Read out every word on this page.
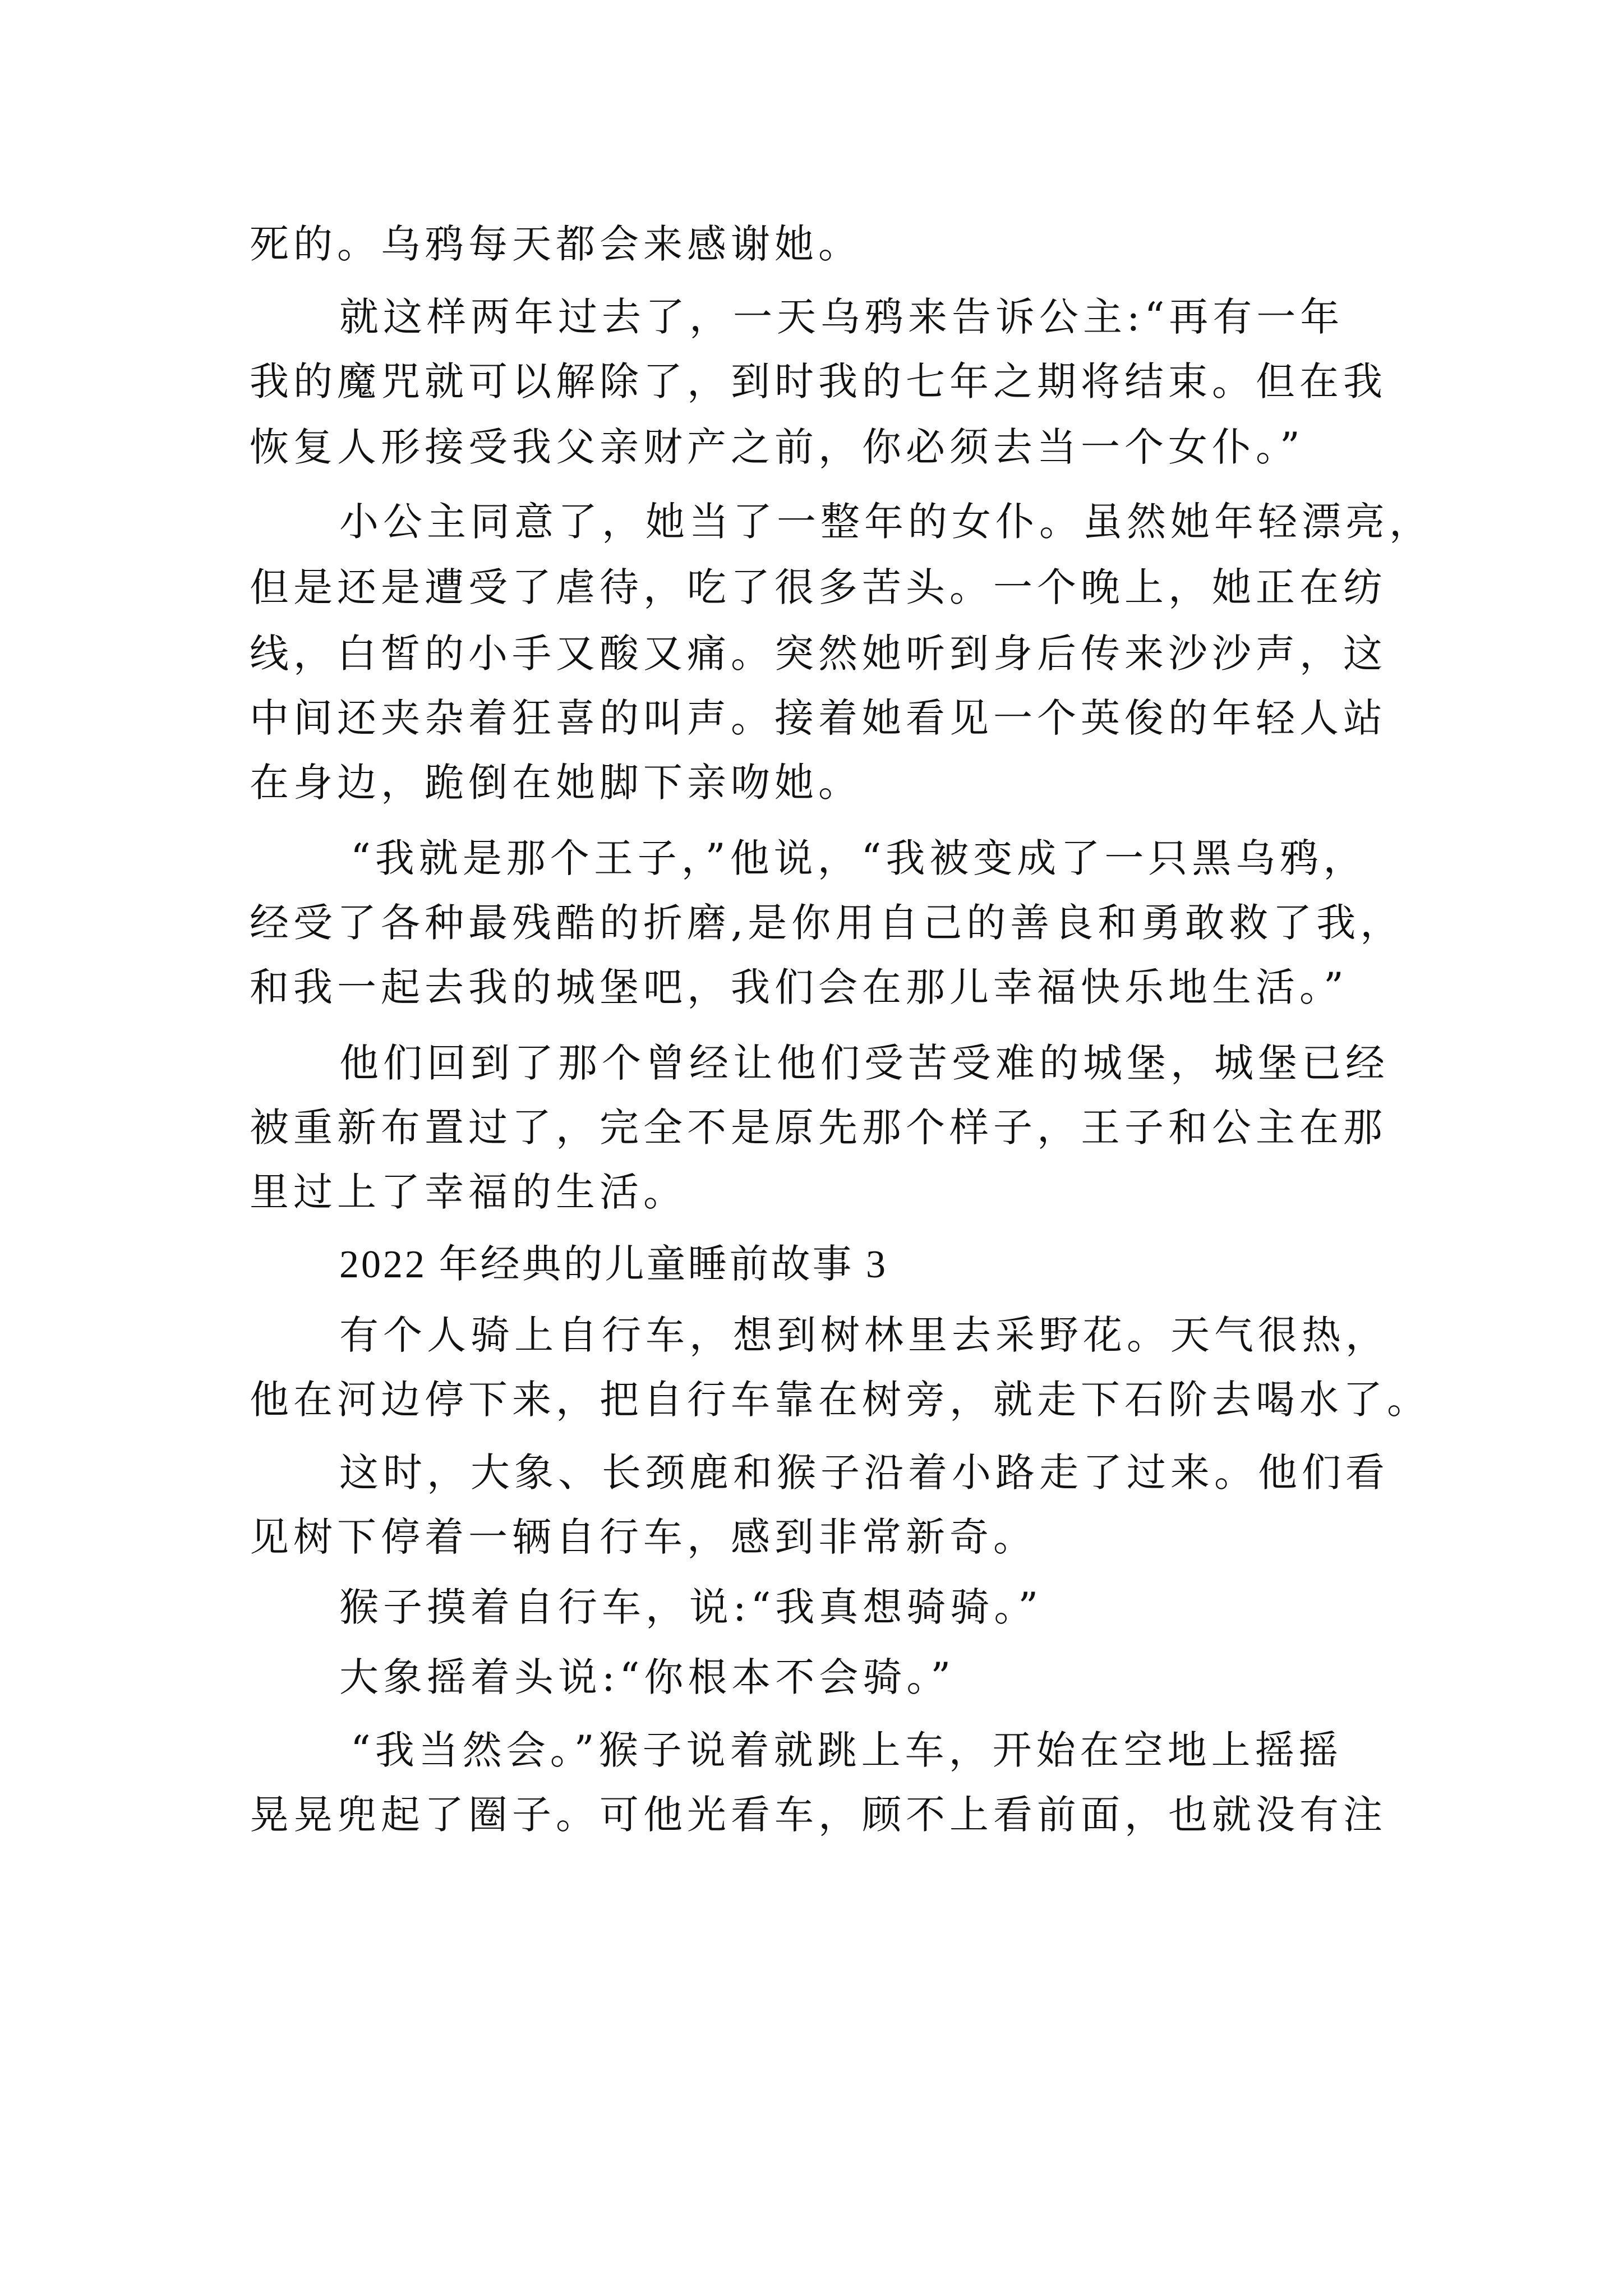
死的。乌鸦每天都会来感谢她。
就这样两年过去了，一天乌鸦来告诉公主:“再有一年
我的魔咒就可以解除了，到时我的七年之期将结束。但在我
恢复人形接受我父亲财产之前，你必须去当一个女仆。”
小公主同意了，她当了一整年的女仆。虽然她年轻漂亮，
但是还是遭受了虐待，吃了很多苦头。一个晚上，她正在纺
线，白皙的小手又酸又痛。突然她听到身后传来沙沙声，这
中间还夹杂着狂喜的叫声。接着她看见一个英俊的年轻人站
在身边，跪倒在她脚下亲吻她。
“我就是那个王子，”他说，“我被变成了一只黑乌鸦，
经受了各种最残酷的折磨,是你用自己的善良和勇敢救了我，
和我一起去我的城堡吧，我们会在那儿幸福快乐地生活。”
他们回到了那个曾经让他们受苦受难的城堡，城堡已经
被重新布置过了，完全不是原先那个样子，王子和公主在那
里过上了幸福的生活。
2022 年经典的儿童睡前故事 3
有个人骑上自行车，想到树林里去采野花。天气很热，
他在河边停下来，把自行车靠在树旁，就走下石阶去喝水了。
这时，大象、长颈鹿和猴子沿着小路走了过来。他们看
见树下停着一辆自行车，感到非常新奇。
猴子摸着自行车，说:“我真想骑骑。”
大象摇着头说:“你根本不会骑。”
“我当然会。”猴子说着就跳上车，开始在空地上摇摇
晃晃兜起了圈子。可他光看车，顾不上看前面，也就没有注
